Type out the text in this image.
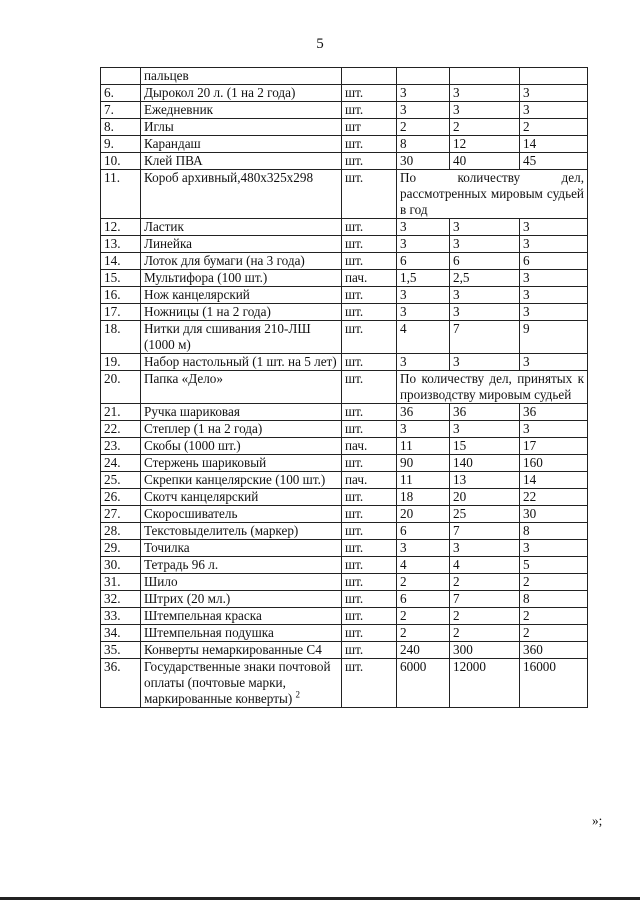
5
	пальцев				
6.	Дырокол 20 л. (1 на 2 года)	шт.	3	3	3
7.	Ежедневник	шт.	3	3	3
8.	Иглы	шт	2	2	2
9.	Карандаш	шт.	8	12	14
10.	Клей ПВА	шт.	30	40	45
11.	Короб архивный,480х325х298	шт.	По количеству дел, рассмотренных мировым судьей в год		
12.	Ластик	шт.	3	3	3
13.	Линейка	шт.	3	3	3
14.	Лоток для бумаги (на 3 года)	шт.	6	6	6
15.	Мультифора (100 шт.)	пач.	1,5	2,5	3
16.	Нож канцелярский	шт.	3	3	3
17.	Ножницы (1 на 2 года)	шт.	3	3	3
18.	Нитки для сшивания 210-ЛШ (1000 м)	шт.	4	7	9
19.	Набор настольный (1 шт. на 5 лет)	шт.	3	3	3
20.	Папка «Дело»	шт.	По количеству дел, принятых к производству мировым судьей		
21.	Ручка шариковая	шт.	36	36	36
22.	Степлер (1 на 2 года)	шт.	3	3	3
23.	Скобы (1000 шт.)	пач.	11	15	17
24.	Стержень шариковый	шт.	90	140	160
25.	Скрепки канцелярские (100 шт.)	пач.	11	13	14
26.	Скотч канцелярский	шт.	18	20	22
27.	Скоросшиватель	шт.	20	25	30
28.	Текстовыделитель (маркер)	шт.	6	7	8
29.	Точилка	шт.	3	3	3
30.	Тетрадь 96 л.	шт.	4	4	5
31.	Шило	шт.	2	2	2
32.	Штрих (20 мл.)	шт.	6	7	8
33.	Штемпельная краска	шт.	2	2	2
34.	Штемпельная подушка	шт.	2	2	2
35.	Конверты немаркированные С4	шт.	240	300	360
36.	Государственные знаки почтовой оплаты (почтовые марки, маркированные конверты) $^2$	шт.	6000	12000	16000
»;
